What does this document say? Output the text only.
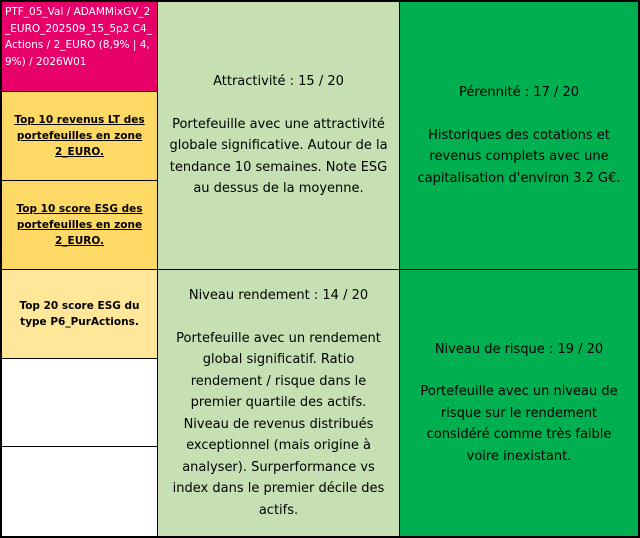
PTF_05_Val / ADAMMixGV_2_EURO_202509_15_5p2 C4_Actions / 2_EURO (8,9% | 4,9%) / 2026W01
Top 10 revenus LT des portefeuilles en zone 2_EURO.
Top 10 score ESG des portefeuilles en zone 2_EURO.
Top 20 score ESG du type P6_PurActions.
Attractivité : 15 / 20
Portefeuille avec une attractivité globale significative. Autour de la tendance 10 semaines. Note ESG au dessus de la moyenne.
Pérennité : 17 / 20
Historiques des cotations et revenus complets avec une capitalisation d'environ 3.2 G€.
Niveau rendement : 14 / 20
Portefeuille avec un rendement global significatif. Ratio rendement / risque dans le premier quartile des actifs. Niveau de revenus distribués exceptionnel (mais origine à analyser). Surperformance vs index dans le premier décile des actifs.
Niveau de risque : 19 / 20
Portefeuille avec un niveau de risque sur le rendement considéré comme très faible voire inexistant.
